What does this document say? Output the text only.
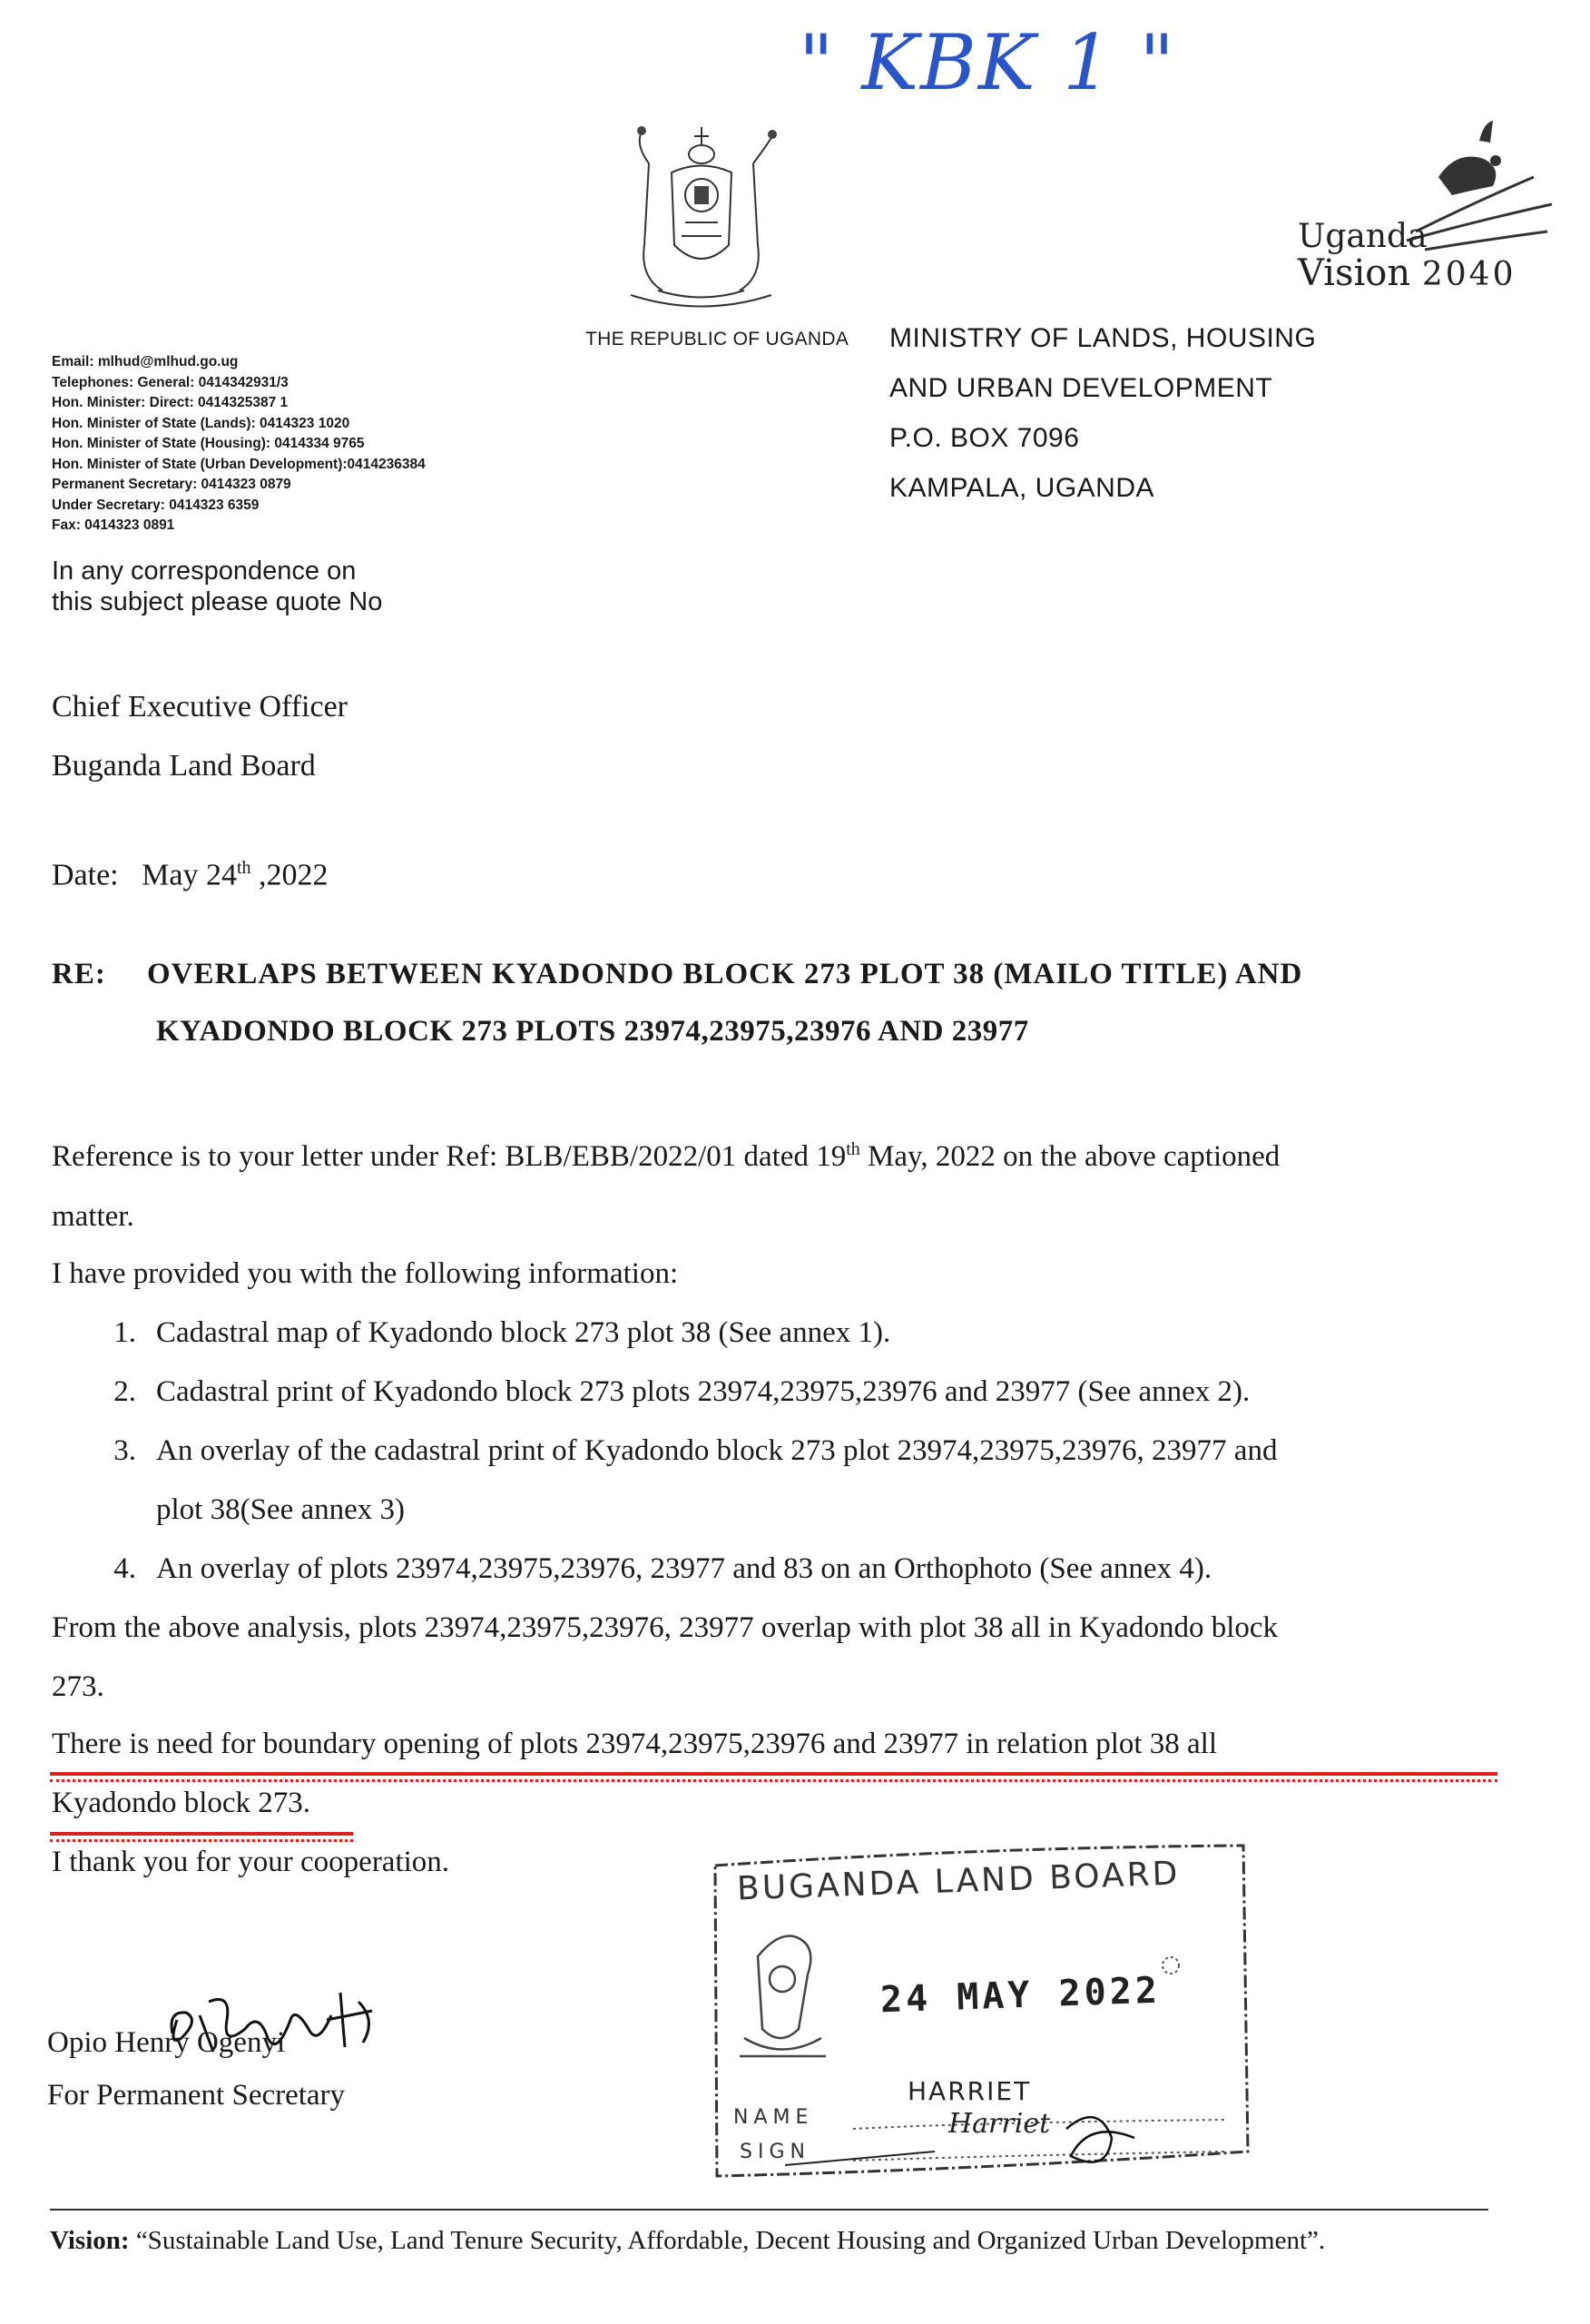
" KBK 1 "
THE REPUBLIC OF UGANDA
Uganda
Vision 2040
MINISTRY OF LANDS, HOUSING
AND URBAN DEVELOPMENT
P.O. BOX 7096
KAMPALA, UGANDA
Email: mlhud@mlhud.go.ug
Telephones: General: 0414342931/3
Hon. Minister: Direct: 0414325387 1
Hon. Minister of State (Lands): 0414323 1020
Hon. Minister of State (Housing): 0414334 9765
Hon. Minister of State (Urban Development):0414236384
Permanent Secretary: 0414323 0879
Under Secretary: 0414323 6359
Fax: 0414323 0891
In any correspondence on
this subject please quote No
Chief Executive Officer
Buganda Land Board
Date: May 24th ,2022
RE: OVERLAPS BETWEEN KYADONDO BLOCK 273 PLOT 38 (MAILO TITLE) AND
KYADONDO BLOCK 273 PLOTS 23974,23975,23976 AND 23977
Reference is to your letter under Ref: BLB/EBB/2022/01 dated 19th May, 2022 on the above captioned
matter.
I have provided you with the following information:
1. Cadastral map of Kyadondo block 273 plot 38 (See annex 1).
2. Cadastral print of Kyadondo block 273 plots 23974,23975,23976 and 23977 (See annex 2).
3. An overlay of the cadastral print of Kyadondo block 273 plot 23974,23975,23976, 23977 and
plot 38(See annex 3)
4. An overlay of plots 23974,23975,23976, 23977 and 83 on an Orthophoto (See annex 4).
From the above analysis, plots 23974,23975,23976, 23977 overlap with plot 38 all in Kyadondo block
273.
There is need for boundary opening of plots 23974,23975,23976 and 23977 in relation plot 38 all
Kyadondo block 273.
I thank you for your cooperation.
Opio Henry Ogenyi
For Permanent Secretary
BUGANDA LAND BOARD
24 MAY 2022
NAME
SIGN
HARRIET
Harriet
Vision: “Sustainable Land Use, Land Tenure Security, Affordable, Decent Housing and Organized Urban Development”.
